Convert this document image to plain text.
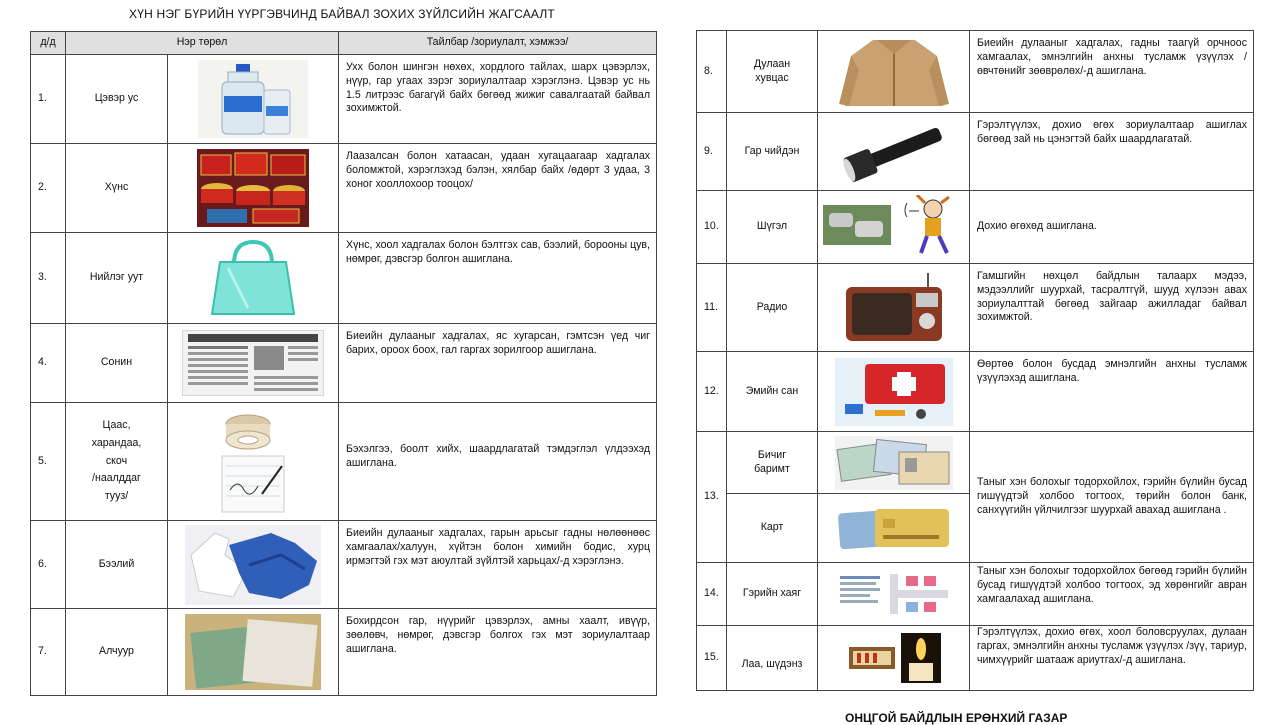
ХҮН НЭГ БҮРИЙН ҮҮРГЭВЧИНД БАЙВАЛ ЗОХИХ ЗҮЙЛСИЙН ЖАГСААЛТ
д/д	Нэр төрөл		Тайлбар /зориулалт, хэмжээ/
1.	Цэвэр ус		Ухх болон шингэн нөхөх, хордлого тайлах, шарх цэвэрлэх, нүүр, гар угаах зэрэг зориулалтаар хэрэглэнэ. Цэвэр ус нь 1.5 литрээс багагүй байх бөгөөд жижиг савалгаатай байвал зохимжтой.
2.	Хүнс		Лаазалсан болон хатаасан, удаан хугацаагаар хадгалах боломжтой, хэрэглэхэд бэлэн, хялбар байх /өдөрт 3 удаа, 3 хоног хооллохоор тооцох/
3.	Нийлэг уут		Хүнс, хоол хадгалах болон бэлтгэх сав, бээлий, борооны цув, нөмрөг, дэвсгэр болгон ашиглана.
4.	Сонин		Биеийн дулааныг хадгалах, яс хугарсан, гэмтсэн үед чиг барих, ороох боох, гал гаргах зорилгоор ашиглана.
5.	Цаас,
харандаа,
скоч
/наалддаг
тууз/		Бэхэлгээ, боолт хийх, шаардлагатай тэмдэглэл үлдээхэд ашиглана.
6.	Бээлий		Биеийн дулааныг хадгалах, гарын арьсыг гадны нөлөөнөөс хамгаалах/халуун, хүйтэн болон химийн бодис, хурц ирмэгтэй гэх мэт аюултай зүйлтэй харьцах/-д хэрэглэнэ.
7.	Алчуур		Бохирдсон гар, нүүрийг цэвэрлэх, амны хаалт, ивүүр, зөөлөвч, нөмрөг, дэвсгэр болгох гэх мэт зориулалтаар ашиглана.
8.	Дулаан
хувцас		Биеийн дулааныг хадгалах, гадны таагүй орчноос хамгаалах, эмнэлгийн анхны тусламж үзүүлэх /өвчтөнийг зөөврөлөх/-д ашиглана.
9.	Гар чийдэн		Гэрэлтүүлэх, дохио өгөх зориулалтаар ашиглах бөгөөд зай нь цэнэгтэй байх шаардлагатай.
10.	Шүгэл		Дохио өгөхөд ашиглана.
11.	Радио		Гамшгийн нөхцөл байдлын талаарх мэдээ, мэдээллийг шуурхай, тасралтгүй, шууд хүлээн авах зориулалттай бөгөөд зайгаар ажилладаг байвал зохимжтой.
12.	Эмийн сан		Өөртөө болон бусдад эмнэлгийн анхны тусламж үзүүлэхэд ашиглана.
13.	Бичиг
баримт		Таныг хэн болохыг тодорхойлох, гэрийн бүлийн бусад гишүүдтэй холбоо тогтоох, төрийн болон банк, санхүүгийн үйлчилгээг шуурхай авахад ашиглана .
	Карт	

14.	Гэрийн хаяг		Таныг хэн болохыг тодорхойлох бөгөөд гэрийн бүлийн бусад гишүүдтэй холбоо тогтоох, эд хөрөнгийг авран хамгаалахад ашиглана.
15.	Лаа, шүдэнз		Гэрэлтүүлэх, дохио өгөх, хоол боловсруулах, дулаан гаргах, эмнэлгийн анхны тусламж үзүүлэх /зүү, тариур, чимхүүрийг шатааж ариутгах/-д ашиглана.
ОНЦГОЙ БАЙДЛЫН ЕРӨНХИЙ ГАЗАР
